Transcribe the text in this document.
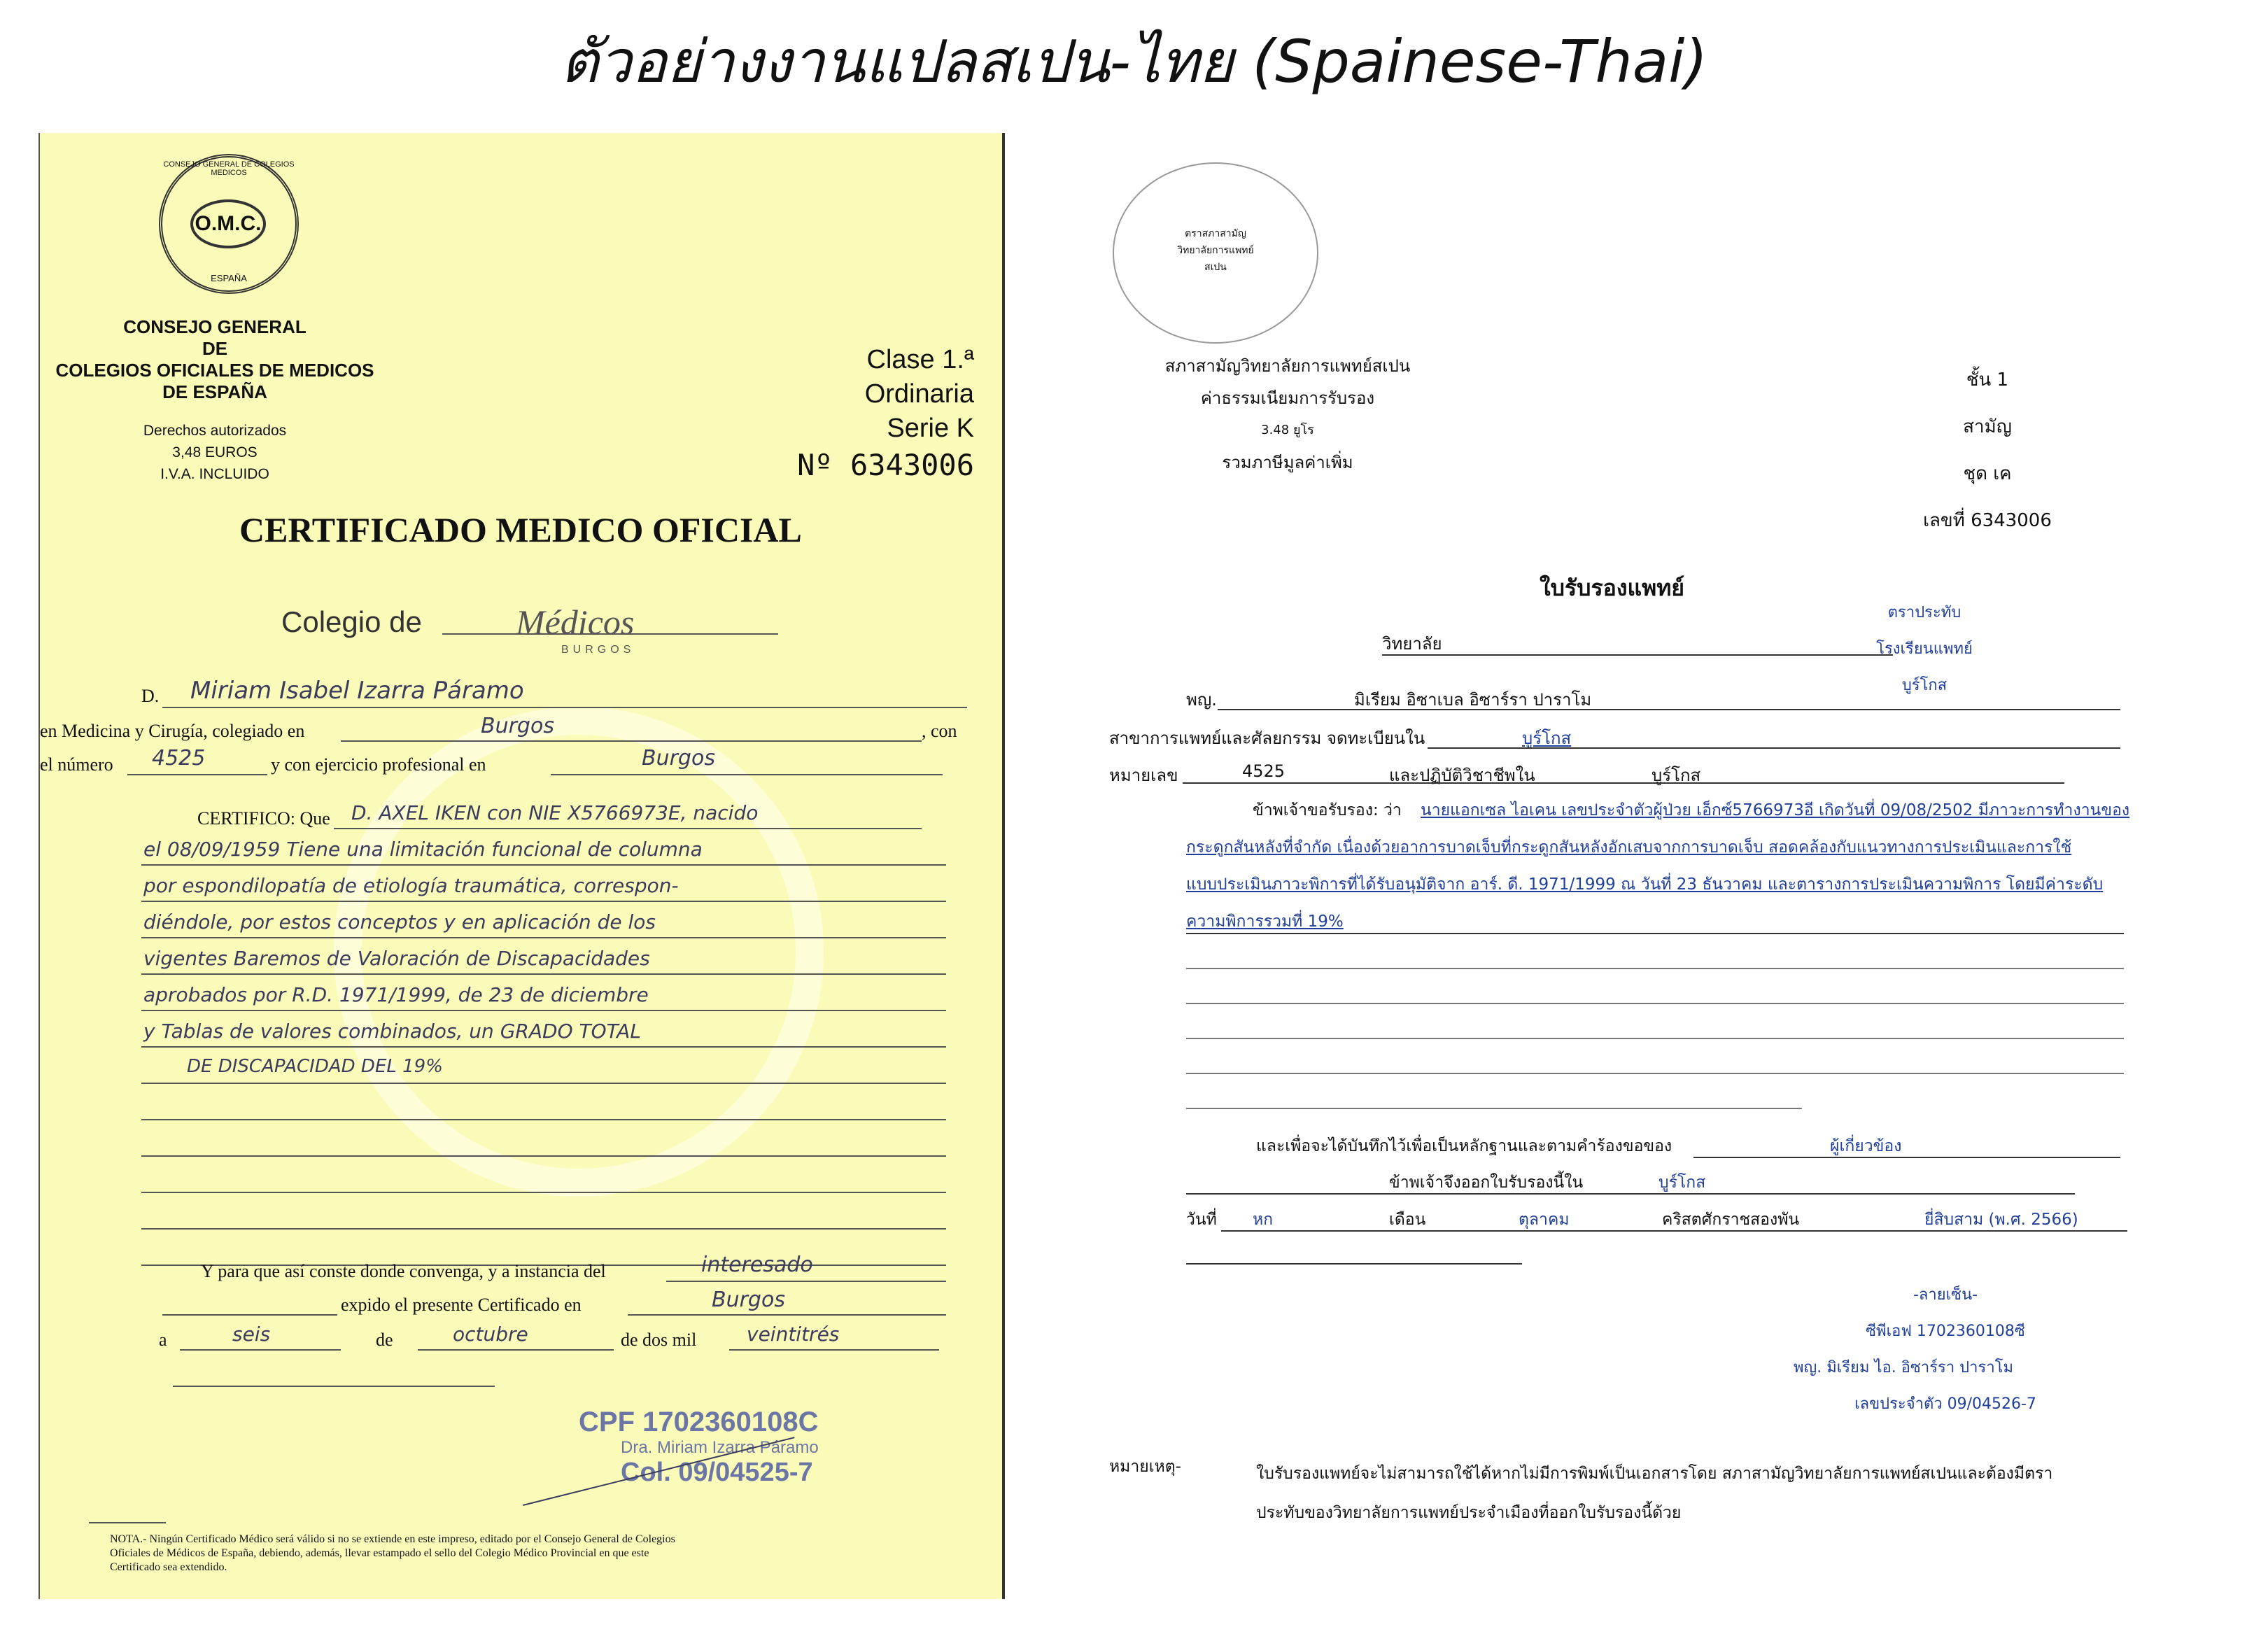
ตัวอย่างงานแปลสเปน-ไทย (Spainese-Thai)
CONSEJO GENERAL DE COLEGIOS MEDICOS
O.M.C.
ESPAÑA
CONSEJO GENERAL
DE
COLEGIOS OFICIALES DE MEDICOS
DE ESPAÑA
Derechos autorizados
3,48 EUROS
I.V.A. INCLUIDO
Clase 1.ª
Ordinaria
Serie K
Nº 6343006
CERTIFICADO MEDICO OFICIAL
Colegio de	Médicos
BURGOS
D. Miriam Isabel Izarra Páramo
en Medicina y Cirugía, colegiado en	Burgos	, con
el número 4525	y con ejercicio profesional en	Burgos
CERTIFICO: Que D. AXEL IKEN con NIE X5766973E, nacido
el 08/09/1959 Tiene una limitación funcional de columna
por espondilopatía de etiología traumática, correspon-
diéndole, por estos conceptos y en aplicación de los
vigentes Baremos de Valoración de Discapacidades
aprobados por R.D. 1971/1999, de 23 de diciembre
y Tablas de valores combinados, un GRADO TOTAL
DE DISCAPACIDAD DEL 19%
Y para que así conste donde convenga, y a instancia del	interesado
expido el presente Certificado en	Burgos
a	seis	de	octubre	de dos mil	veintitrés
CPF 1702360108C
Dra. Miriam Izarra Páramo
Col. 09/04525-7
NOTA.- Ningún Certificado Médico será válido si no se extiende en este impreso, editado por el Consejo General de Colegios
Oficiales de Médicos de España, debiendo, además, llevar estampado el sello del Colegio Médico Provincial en que este
Certificado sea extendido.
ตราสภาสามัญ
วิทยาลัยการแพทย์
สเปน
สภาสามัญวิทยาลัยการแพทย์สเปน
ค่าธรรมเนียมการรับรอง
3.48 ยูโร
รวมภาษีมูลค่าเพิ่ม
ชั้น 1
สามัญ
ชุด เค
เลขที่ 6343006
ใบรับรองแพทย์
ตราประทับ
โรงเรียนแพทย์
บูร์โกส
วิทยาลัย
พญ.	มิเรียม อิซาเบล อิซาร์รา ปาราโม
สาขาการแพทย์และศัลยกรรม จดทะเบียนใน	บูร์โกส
หมายเลข	4525	และปฏิบัติวิชาชีพใน	บูร์โกส
ข้าพเจ้าขอรับรอง: ว่า นายแอกเซล ไอเคน เลขประจำตัวผู้ป่วย เอ็กซ์5766973อี เกิดวันที่ 09/08/2502 มีภาวะการทำงานของ
กระดูกสันหลังที่จำกัด เนื่องด้วยอาการบาดเจ็บที่กระดูกสันหลังอักเสบจากการบาดเจ็บ สอดคล้องกับแนวทางการประเมินและการใช้
แบบประเมินภาวะพิการที่ได้รับอนุมัติจาก อาร์. ดี. 1971/1999 ณ วันที่ 23 ธันวาคม และตารางการประเมินความพิการ โดยมีค่าระดับ
ความพิการรวมที่ 19%
และเพื่อจะได้บันทึกไว้เพื่อเป็นหลักฐานและตามคำร้องขอของ	ผู้เกี่ยวข้อง
ข้าพเจ้าจึงออกใบรับรองนี้ใน	บูร์โกส
วันที่ หก	เดือน	ตุลาคม	คริสตศักราชสองพัน	ยี่สิบสาม (พ.ศ. 2566)
-ลายเซ็น-
ซีพีเอฟ 1702360108ซี
พญ. มิเรียม ไอ. อิซาร์รา ปาราโม
เลขประจำตัว 09/04526-7
หมายเหตุ-	ใบรับรองแพทย์จะไม่สามารถใช้ได้หากไม่มีการพิมพ์เป็นเอกสารโดย สภาสามัญวิทยาลัยการแพทย์สเปนและต้องมีตรา
ประทับของวิทยาลัยการแพทย์ประจำเมืองที่ออกใบรับรองนี้ด้วย
